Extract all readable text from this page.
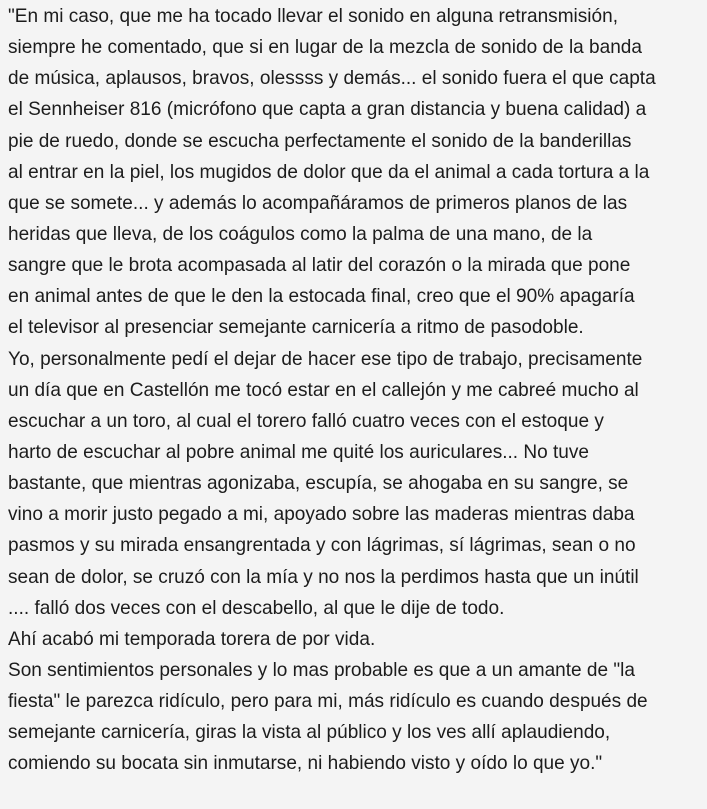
"En mi caso, que me ha tocado llevar el sonido en alguna retransmisión,
siempre he comentado, que si en lugar de la mezcla de sonido de la banda
de música, aplausos, bravos, olessss y demás... el sonido fuera el que capta
el Sennheiser 816 (micrófono que capta a gran distancia y buena calidad) a
pie de ruedo, donde se escucha perfectamente el sonido de la banderillas
al entrar en la piel, los mugidos de dolor que da el animal a cada tortura a la
que se somete... y además lo acompañáramos de primeros planos de las
heridas que lleva, de los coágulos como la palma de una mano, de la
sangre que le brota acompasada al latir del corazón o la mirada que pone
en animal antes de que le den la estocada final, creo que el 90% apagaría
el televisor al presenciar semejante carnicería a ritmo de pasodoble.
Yo, personalmente pedí el dejar de hacer ese tipo de trabajo, precisamente
un día que en Castellón me tocó estar en el callejón y me cabreé mucho al
escuchar a un toro, al cual el torero falló cuatro veces con el estoque y
harto de escuchar al pobre animal me quité los auriculares... No tuve
bastante, que mientras agonizaba, escupía, se ahogaba en su sangre, se
vino a morir justo pegado a mi, apoyado sobre las maderas mientras daba
pasmos y su mirada ensangrentada y con lágrimas, sí lágrimas, sean o no
sean de dolor, se cruzó con la mía y no nos la perdimos hasta que un inútil
.... falló dos veces con el descabello, al que le dije de todo.
Ahí acabó mi temporada torera de por vida.
Son sentimientos personales y lo mas probable es que a un amante de "la
fiesta" le parezca ridículo, pero para mi, más ridículo es cuando después de
semejante carnicería, giras la vista al público y los ves allí aplaudiendo,
comiendo su bocata sin inmutarse, ni habiendo visto y oído lo que yo."
